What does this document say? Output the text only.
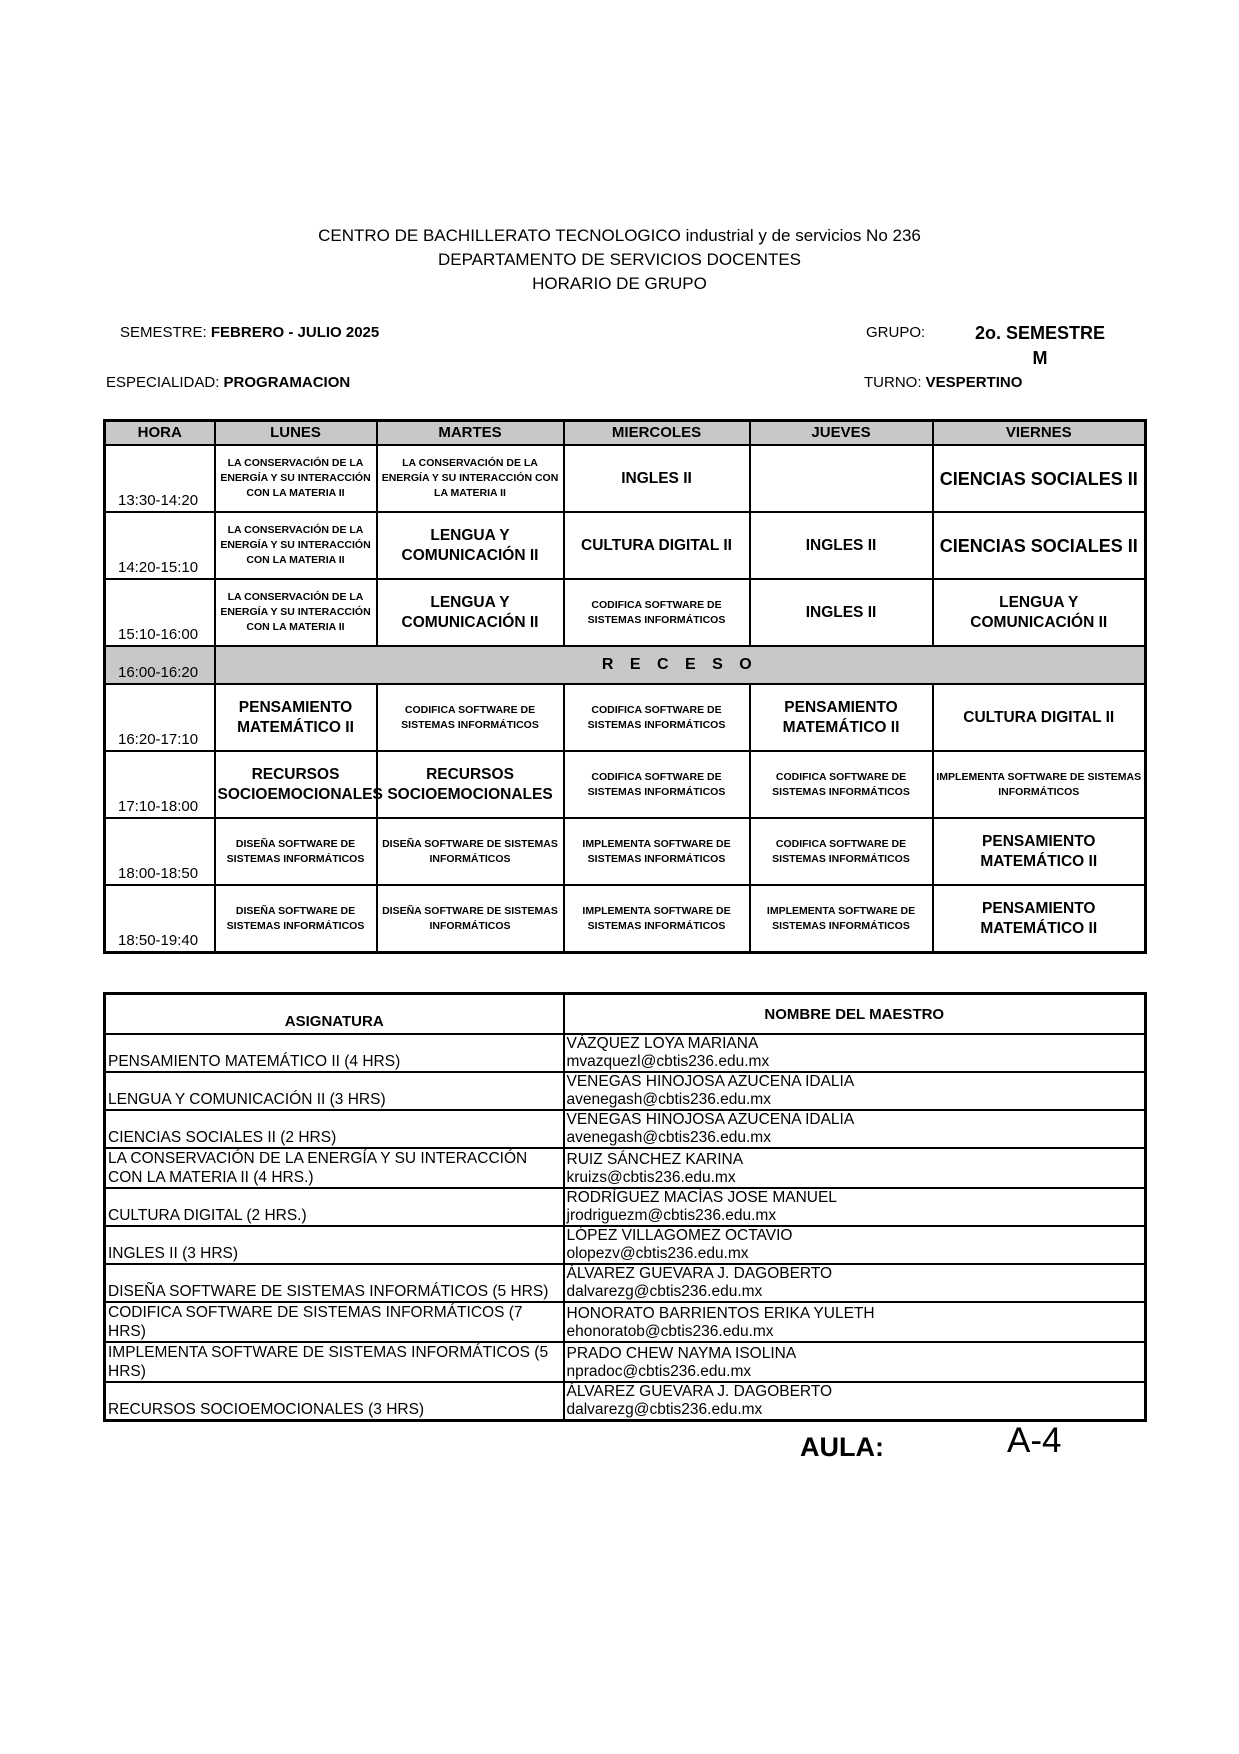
CENTRO DE BACHILLERATO TECNOLOGICO industrial y de servicios No 236
DEPARTAMENTO DE SERVICIOS DOCENTES
HORARIO DE GRUPO
SEMESTRE: FEBRERO - JULIO 2025	GRUPO:	2o. SEMESTRE
M
ESPECIALIDAD: PROGRAMACION	TURNO: VESPERTINO
HORA	LUNES	MARTES	MIERCOLES	JUEVES	VIERNES
13:30-14:20	LA CONSERVACIÓN DE LA ENERGÍA Y SU INTERACCIÓN CON LA MATERIA II	LA CONSERVACIÓN DE LA ENERGÍA Y SU INTERACCIÓN CON LA MATERIA II	INGLES II		CIENCIAS SOCIALES II
14:20-15:10	LA CONSERVACIÓN DE LA ENERGÍA Y SU INTERACCIÓN CON LA MATERIA II	LENGUA Y COMUNICACIÓN II	CULTURA DIGITAL II	INGLES II	CIENCIAS SOCIALES II
15:10-16:00	LA CONSERVACIÓN DE LA ENERGÍA Y SU INTERACCIÓN CON LA MATERIA II	LENGUA Y COMUNICACIÓN II	CODIFICA SOFTWARE DE SISTEMAS INFORMÁTICOS	INGLES II	LENGUA Y COMUNICACIÓN II
16:00-16:20	R E C E S O				
16:20-17:10	PENSAMIENTO MATEMÁTICO II	CODIFICA SOFTWARE DE SISTEMAS INFORMÁTICOS	CODIFICA SOFTWARE DE SISTEMAS INFORMÁTICOS	PENSAMIENTO MATEMÁTICO II	CULTURA DIGITAL II
17:10-18:00	RECURSOS SOCIOEMOCIONALES	RECURSOS SOCIOEMOCIONALES	CODIFICA SOFTWARE DE SISTEMAS INFORMÁTICOS	CODIFICA SOFTWARE DE SISTEMAS INFORMÁTICOS	IMPLEMENTA SOFTWARE DE SISTEMAS INFORMÁTICOS
18:00-18:50	DISEÑA SOFTWARE DE SISTEMAS INFORMÁTICOS	DISEÑA SOFTWARE DE SISTEMAS INFORMÁTICOS	IMPLEMENTA SOFTWARE DE SISTEMAS INFORMÁTICOS	CODIFICA SOFTWARE DE SISTEMAS INFORMÁTICOS	PENSAMIENTO MATEMÁTICO II
18:50-19:40	DISEÑA SOFTWARE DE SISTEMAS INFORMÁTICOS	DISEÑA SOFTWARE DE SISTEMAS INFORMÁTICOS	IMPLEMENTA SOFTWARE DE SISTEMAS INFORMÁTICOS	IMPLEMENTA SOFTWARE DE SISTEMAS INFORMÁTICOS	PENSAMIENTO MATEMÁTICO II
ASIGNATURA	NOMBRE DEL MAESTRO
PENSAMIENTO MATEMÁTICO II (4 HRS)	VÁZQUEZ LOYA MARIANA
mvazquezl@cbtis236.edu.mx

LENGUA Y COMUNICACIÓN II (3 HRS)	VENEGAS HINOJOSA AZUCENA IDALIA
avenegash@cbtis236.edu.mx

CIENCIAS SOCIALES II (2 HRS)	VENEGAS HINOJOSA AZUCENA IDALIA
avenegash@cbtis236.edu.mx

LA CONSERVACIÓN DE LA ENERGÍA Y SU INTERACCIÓN CON LA MATERIA II (4 HRS.)	RUIZ SÁNCHEZ KARINA
kruizs@cbtis236.edu.mx

CULTURA DIGITAL (2 HRS.)	RODRÍGUEZ MACÍAS JOSE MANUEL
jrodriguezm@cbtis236.edu.mx

INGLES II (3 HRS)	LÓPEZ VILLAGOMEZ OCTAVIO
olopezv@cbtis236.edu.mx

DISEÑA SOFTWARE DE SISTEMAS INFORMÁTICOS (5 HRS)	ÁLVAREZ GUEVARA J. DAGOBERTO
dalvarezg@cbtis236.edu.mx

CODIFICA SOFTWARE DE SISTEMAS INFORMÁTICOS (7 HRS)	HONORATO BARRIENTOS ERIKA YULETH
ehonoratob@cbtis236.edu.mx

IMPLEMENTA SOFTWARE DE SISTEMAS INFORMÁTICOS (5 HRS)	PRADO CHEW NAYMA ISOLINA
npradoc@cbtis236.edu.mx

RECURSOS SOCIOEMOCIONALES (3 HRS)	ÁLVAREZ GUEVARA J. DAGOBERTO
dalvarezg@cbtis236.edu.mx
AULA:	A-4
